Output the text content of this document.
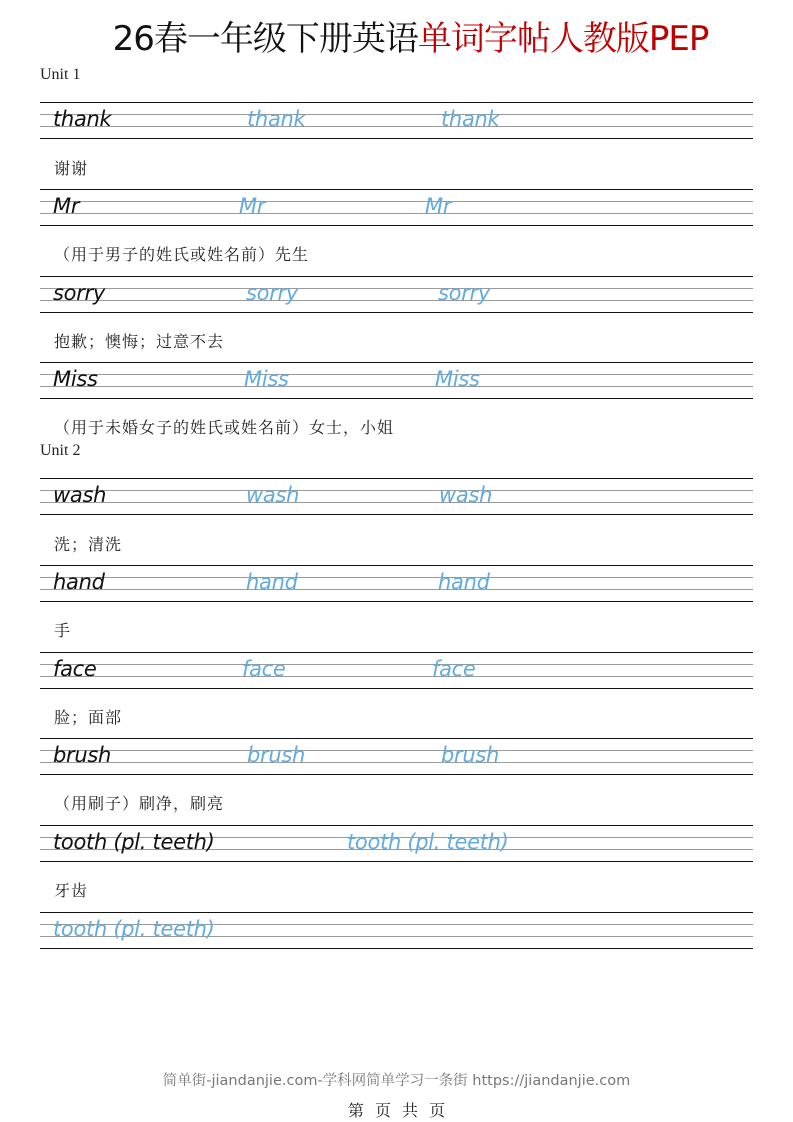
26春一年级下册英语单词字帖人教版PEP
Unit 1
thank	thank	thank
谢谢
Mr	Mr	Mr
（用于男子的姓氏或姓名前）先生
sorry	sorry	sorry
抱歉；懊悔；过意不去
Miss	Miss	Miss
（用于未婚女子的姓氏或姓名前）女士，小姐
Unit 2
wash	wash	wash
洗；清洗
hand	hand	hand
手
face	face	face
脸；面部
brush	brush	brush
（用刷子）刷净，刷亮
tooth (pl. teeth)	tooth (pl. teeth)
牙齿
tooth (pl. teeth)
简单街-jiandanjie.com-学科网简单学习一条街 https://jiandanjie.com
第 页 共 页
